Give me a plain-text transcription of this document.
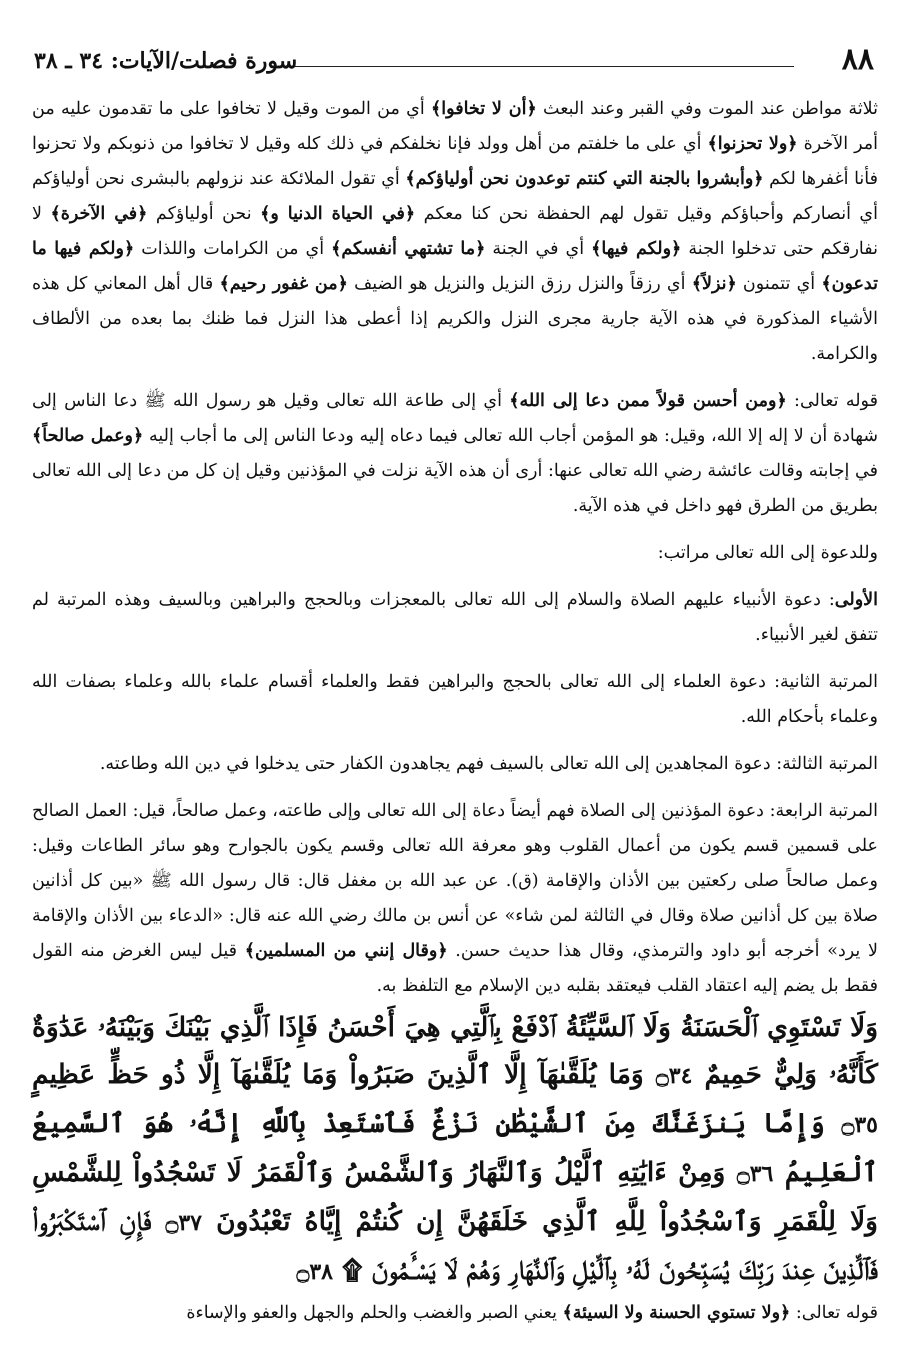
٨٨
سورة فصلت/الآيات: ٣٤ ـ ٣٨

ثلاثة مواطن عند الموت وفي القبر وعند البعث ﴿أن لا تخافوا﴾ أي من الموت وقيل لا تخافوا على ما تقدمون عليه من أمر الآخرة ﴿ولا تحزنوا﴾ أي على ما خلفتم من أهل وولد فإنا نخلفكم في ذلك كله وقيل لا تخافوا من ذنوبكم ولا تحزنوا فأنا أغفرها لكم ﴿وأبشروا بالجنة التي كنتم توعدون نحن أولياؤكم﴾ أي تقول الملائكة عند نزولهم بالبشرى نحن أولياؤكم أي أنصاركم وأحباؤكم وقيل تقول لهم الحفظة نحن كنا معكم ﴿في الحياة الدنيا و﴾ نحن أولياؤكم ﴿في الآخرة﴾ لا نفارقكم حتى تدخلوا الجنة ﴿ولكم فيها﴾ أي في الجنة ﴿ما تشتهي أنفسكم﴾ أي من الكرامات واللذات ﴿ولكم فيها ما تدعون﴾ أي تتمنون ﴿نزلاً﴾ أي رزقاً والنزل رزق النزيل والنزيل هو الضيف ﴿من غفور رحيم﴾ قال أهل المعاني كل هذه الأشياء المذكورة في هذه الآية جارية مجرى النزل والكريم إذا أعطى هذا النزل فما ظنك بما بعده من الألطاف والكرامة.

قوله تعالى: ﴿ومن أحسن قولاً ممن دعا إلى الله﴾ أي إلى طاعة الله تعالى وقيل هو رسول الله ﷺ دعا الناس إلى شهادة أن لا إله إلا الله، وقيل: هو المؤمن أجاب الله تعالى فيما دعاه إليه ودعا الناس إلى ما أجاب إليه ﴿وعمل صالحاً﴾ في إجابته وقالت عائشة رضي الله تعالى عنها: أرى أن هذه الآية نزلت في المؤذنين وقيل إن كل من دعا إلى الله تعالى بطريق من الطرق فهو داخل في هذه الآية.

وللدعوة إلى الله تعالى مراتب:

الأولى: دعوة الأنبياء عليهم الصلاة والسلام إلى الله تعالى بالمعجزات وبالحجج والبراهين وبالسيف وهذه المرتبة لم تتفق لغير الأنبياء.

المرتبة الثانية: دعوة العلماء إلى الله تعالى بالحجج والبراهين فقط والعلماء أقسام علماء بالله وعلماء بصفات الله وعلماء بأحكام الله.

المرتبة الثالثة: دعوة المجاهدين إلى الله تعالى بالسيف فهم يجاهدون الكفار حتى يدخلوا في دين الله وطاعته.

المرتبة الرابعة: دعوة المؤذنين إلى الصلاة فهم أيضاً دعاة إلى الله تعالى وإلى طاعته، وعمل صالحاً، قيل: العمل الصالح على قسمين قسم يكون من أعمال القلوب وهو معرفة الله تعالى وقسم يكون بالجوارح وهو سائر الطاعات وقيل: وعمل صالحاً صلى ركعتين بين الأذان والإقامة (ق). عن عبد الله بن مغفل قال: قال رسول الله ﷺ «بين كل أذانين صلاة بين كل أذانين صلاة وقال في الثالثة لمن شاء» عن أنس بن مالك رضي الله عنه قال: «الدعاء بين الأذان والإقامة لا يرد» أخرجه أبو داود والترمذي، وقال هذا حديث حسن. ﴿وقال إنني من المسلمين﴾ قيل ليس الغرض منه القول فقط بل يضم إليه اعتقاد القلب فيعتقد بقلبه دين الإسلام مع التلفظ به.

وَلَا تَسْتَوِي ٱلْحَسَنَةُ وَلَا ٱلسَّيِّئَةُ ٱدْفَعْ بِٱلَّتِي هِيَ أَحْسَنُ فَإِذَا ٱلَّذِي بَيْنَكَ وَبَيْنَهُۥ عَدَٰوَةٌ كَأَنَّهُۥ وَلِيٌّ حَمِيمٌ ۝٣٤ وَمَا يُلَقَّىٰهَآ إِلَّا ٱلَّذِينَ صَبَرُواْ وَمَا يُلَقَّىٰهَآ إِلَّا ذُو حَظٍّ عَظِيمٍ ۝٣٥ وَإِمَّا يَنزَغَنَّكَ مِنَ ٱلشَّيْطَٰنِ نَزْغٌ فَٱسْتَعِذْ بِٱللَّهِ إِنَّهُۥ هُوَ ٱلسَّمِيعُ ٱلْعَلِيمُ ۝٣٦ وَمِنْ ءَايَٰتِهِ ٱلَّيْلُ وَٱلنَّهَارُ وَٱلشَّمْسُ وَٱلْقَمَرُ لَا تَسْجُدُواْ لِلشَّمْسِ وَلَا لِلْقَمَرِ وَٱسْجُدُواْ لِلَّهِ ٱلَّذِي خَلَقَهُنَّ إِن كُنتُمْ إِيَّاهُ تَعْبُدُونَ ۝٣٧ فَإِنِ ٱسْتَكْبَرُواْ فَٱلَّذِينَ عِندَ رَبِّكَ يُسَبِّحُونَ لَهُۥ بِٱلَّيْلِ وَٱلنَّهَارِ وَهُمْ لَا يَسْـَٔمُونَ ۩ ۝٣٨

قوله تعالى: ﴿ولا تستوي الحسنة ولا السيئة﴾ يعني الصبر والغضب والحلم والجهل والعفو والإساءة
